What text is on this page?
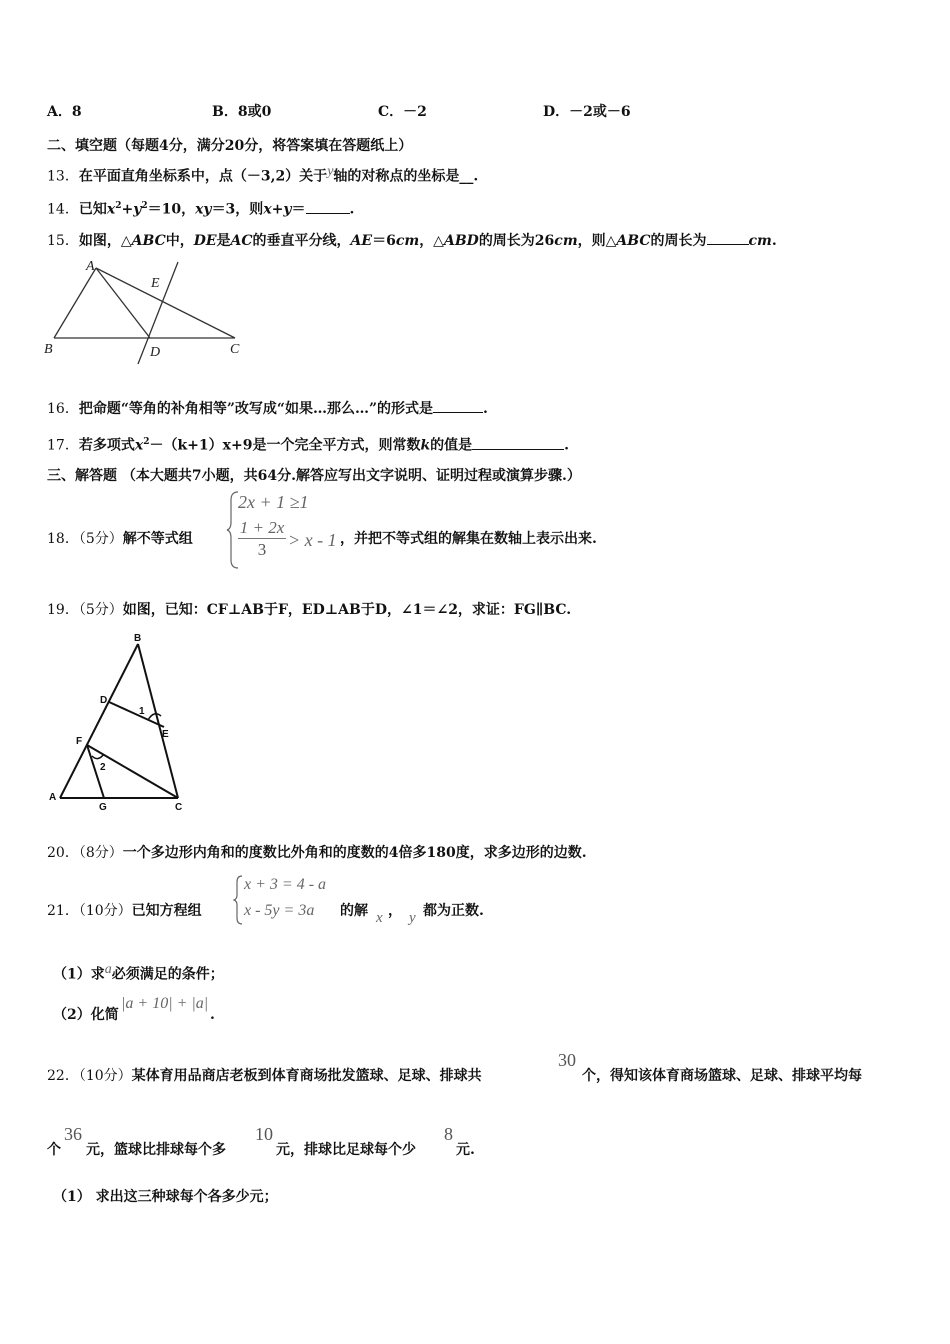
A．8	B．8或0	C．－2	D．－2或－6
二、填空题（每题4分，满分20分，将答案填在答题纸上）
13．在平面直角坐标系中，点（－3,2）关于$^y$轴的对称点的坐标是__.
14．已知$x^2+y^2=10$，xy＝3，则x+y＝	.
15．如图，△ABC中，DE是AC的垂直平分线，AE＝6cm，△ABD的周长为26cm，则△ABC的周长为	cm.
A
E
B	D	C
16．把命题“等角的补角相等”改写成“如果…那么…”的形式是	.
17．若多项式$x^2-(k+1)x+9$是一个完全平方式，则常数k的值是	.
三、解答题 （本大题共7小题，共64分.解答应写出文字说明、证明过程或演算步骤.）
18．（5分）解不等式组
2x + 1 ≥1
$\frac{1 + 2x}{3} > x - 1$ ，并把不等式组的解集在数轴上表示出来.
19．（5分）如图，已知：CF⊥AB于F，ED⊥AB于D，∠1＝∠2，求证：FG∥BC.
B
D
1
E
F
2
A
G	C
20．（8分）一个多边形内角和的度数比外角和的度数的4倍多180度，求多边形的边数.
21．（10分）已知方程组
x + 3 = 4 - a
x - 5y = 3a 的解 x ， y 都为正数.
（1）求$^a$必须满足的条件；
（2）化简
|a + 10| + |a|
.
22．（10分）某体育用品商店老板到体育商场批发篮球、足球、排球共
30
个，得知该体育商场篮球、足球、排球平均每
个
36
元，篮球比排球每个多
10
元，排球比足球每个少
8
元.
（1） 求出这三种球每个各多少元；
